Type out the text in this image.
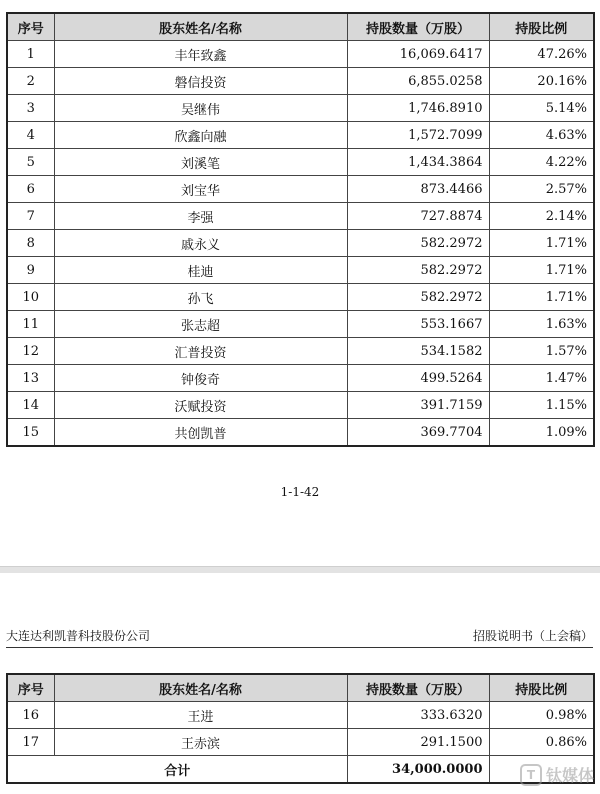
序号	股东姓名/名称	持股数量（万股）	持股比例
1	丰年致鑫	16,069.6417	47.26%
2	磐信投资	6,855.0258	20.16%
3	吴继伟	1,746.8910	5.14%
4	欣鑫向融	1,572.7099	4.63%
5	刘溪笔	1,434.3864	4.22%
6	刘宝华	873.4466	2.57%
7	李强	727.8874	2.14%
8	戚永义	582.2972	1.71%
9	桂迪	582.2972	1.71%
10	孙飞	582.2972	1.71%
11	张志超	553.1667	1.63%
12	汇普投资	534.1582	1.57%
13	钟俊奇	499.5264	1.47%
14	沃赋投资	391.7159	1.15%
15	共创凯普	369.7704	1.09%
1-1-42
大连达利凯普科技股份公司	招股说明书（上会稿）
序号	股东姓名/名称	持股数量（万股）	持股比例
16	王进	333.6320	0.98%
17	王赤滨	291.1500	0.86%
合计		34,000.0000		T 钛媒体
